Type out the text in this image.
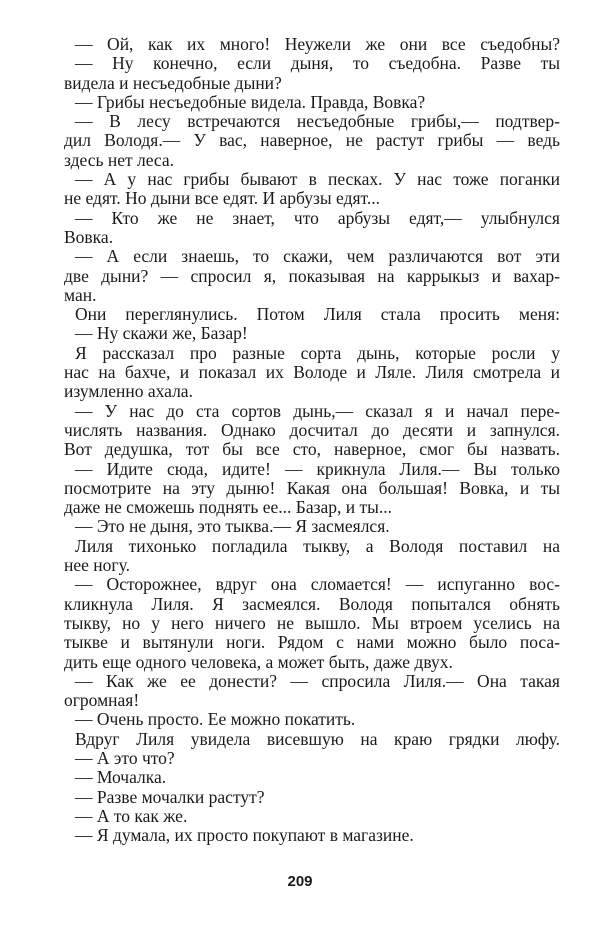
— Ой, как их много! Неужели же они все съедобны?
— Ну конечно, если дыня, то съедобна. Разве ты
видела и несъедобные дыни?
— Грибы несъедобные видела. Правда, Вовка?
— В лесу встречаются несъедобные грибы,— подтвер-
дил Володя.— У вас, наверное, не растут грибы — ведь
здесь нет леса.
— А у нас грибы бывают в песках. У нас тоже поганки
не едят. Но дыни все едят. И арбузы едят...
— Кто же не знает, что арбузы едят,— улыбнулся
Вовка.
— А если знаешь, то скажи, чем различаются вот эти
две дыни? — спросил я, показывая на каррыкыз и вахар-
ман.
Они переглянулись. Потом Лиля стала просить меня:
— Ну скажи же, Базар!
Я рассказал про разные сорта дынь, которые росли у
нас на бахче, и показал их Володе и Ляле. Лиля смотрела и
изумленно ахала.
— У нас до ста сортов дынь,— сказал я и начал пере-
числять названия. Однако досчитал до десяти и запнулся.
Вот дедушка, тот бы все сто, наверное, смог бы назвать.
— Идите сюда, идите! — крикнула Лиля.— Вы только
посмотрите на эту дыню! Какая она большая! Вовка, и ты
даже не сможешь поднять ее... Базар, и ты...
— Это не дыня, это тыква.— Я засмеялся.
Лиля тихонько погладила тыкву, а Володя поставил на
нее ногу.
— Осторожнее, вдруг она сломается! — испуганно вос-
кликнула Лиля. Я засмеялся. Володя попытался обнять
тыкву, но у него ничего не вышло. Мы втроем уселись на
тыкве и вытянули ноги. Рядом с нами можно было поса-
дить еще одного человека, а может быть, даже двух.
— Как же ее донести? — спросила Лиля.— Она такая
огромная!
— Очень просто. Ее можно покатить.
Вдруг Лиля увидела висевшую на краю грядки люфу.
— А это что?
— Мочалка.
— Разве мочалки растут?
— А то как же.
— Я думала, их просто покупают в магазине.
209
